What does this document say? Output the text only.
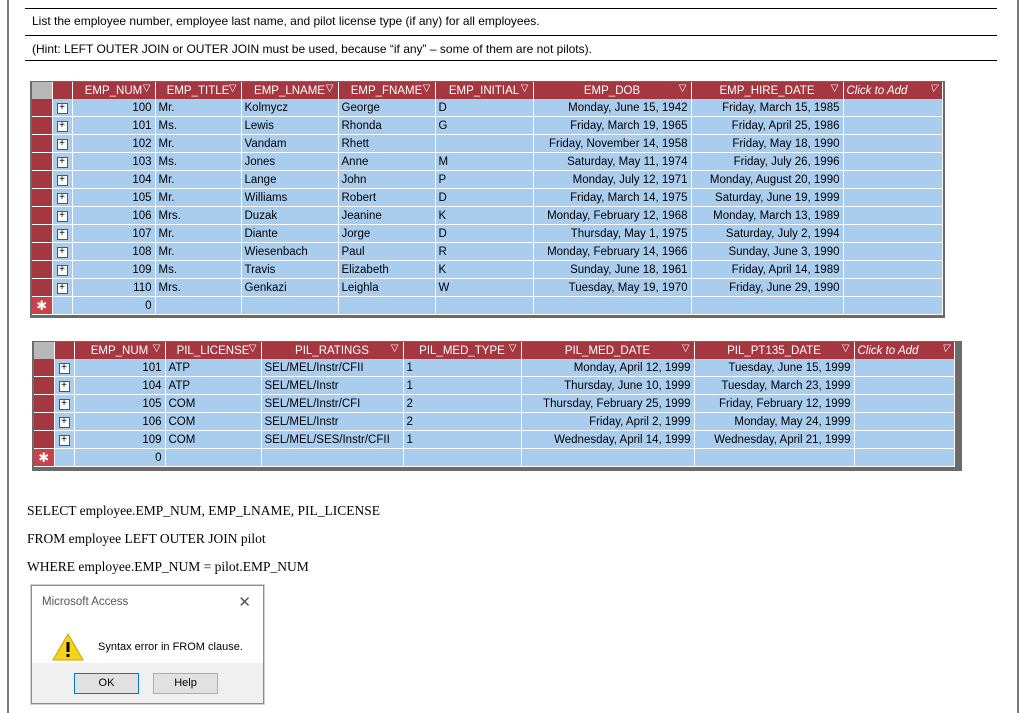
List the employee number, employee last name, and pilot license type (if any) for all employees.
(Hint: LEFT OUTER JOIN or OUTER JOIN must be used, because “if any” – some of them are not pilots).
		EMP_NUM ▽	EMP_TITLE ▽	EMP_LNAME ▽	EMP_FNAME ▽	EMP_INITIAL ▽	EMP_DOB ▽	EMP_HIRE_DATE ▽	Click to Add ▽

	+	100	Mr.	Kolmycz	George	D	Monday, June 15, 1942	Friday, March 15, 1985	
	+	101	Ms.	Lewis	Rhonda	G	Friday, March 19, 1965	Friday, April 25, 1986	
	+	102	Mr.	Vandam	Rhett		Friday, November 14, 1958	Friday, May 18, 1990	
	+	103	Ms.	Jones	Anne	M	Saturday, May 11, 1974	Friday, July 26, 1996	
	+	104	Mr.	Lange	John	P	Monday, July 12, 1971	Monday, August 20, 1990	
	+	105	Mr.	Williams	Robert	D	Friday, March 14, 1975	Saturday, June 19, 1999	
	+	106	Mrs.	Duzak	Jeanine	K	Monday, February 12, 1968	Monday, March 13, 1989	
	+	107	Mr.	Diante	Jorge	D	Thursday, May 1, 1975	Saturday, July 2, 1994	
	+	108	Mr.	Wiesenbach	Paul	R	Monday, February 14, 1966	Sunday, June 3, 1990	
	+	109	Ms.	Travis	Elizabeth	K	Sunday, June 18, 1961	Friday, April 14, 1989	
	+	110	Mrs.	Genkazi	Leighla	W	Tuesday, May 19, 1970	Friday, June 29, 1990	
✱		0							
		EMP_NUM ▽	PIL_LICENSE ▽	PIL_RATINGS ▽	PIL_MED_TYPE ▽	PIL_MED_DATE ▽	PIL_PT135_DATE ▽	Click to Add ▽

	+	101	ATP	SEL/MEL/Instr/CFII	1	Monday, April 12, 1999	Tuesday, June 15, 1999	
	+	104	ATP	SEL/MEL/Instr	1	Thursday, June 10, 1999	Tuesday, March 23, 1999	
	+	105	COM	SEL/MEL/Instr/CFI	2	Thursday, February 25, 1999	Friday, February 12, 1999	
	+	106	COM	SEL/MEL/Instr	2	Friday, April 2, 1999	Monday, May 24, 1999	
	+	109	COM	SEL/MEL/SES/Instr/CFII	1	Wednesday, April 14, 1999	Wednesday, April 21, 1999	
✱		0						
SELECT employee.EMP_NUM, EMP_LNAME, PIL_LICENSE
FROM employee LEFT OUTER JOIN pilot
WHERE employee.EMP_NUM = pilot.EMP_NUM
Microsoft Access	✕
Syntax error in FROM clause.
OK	Help
